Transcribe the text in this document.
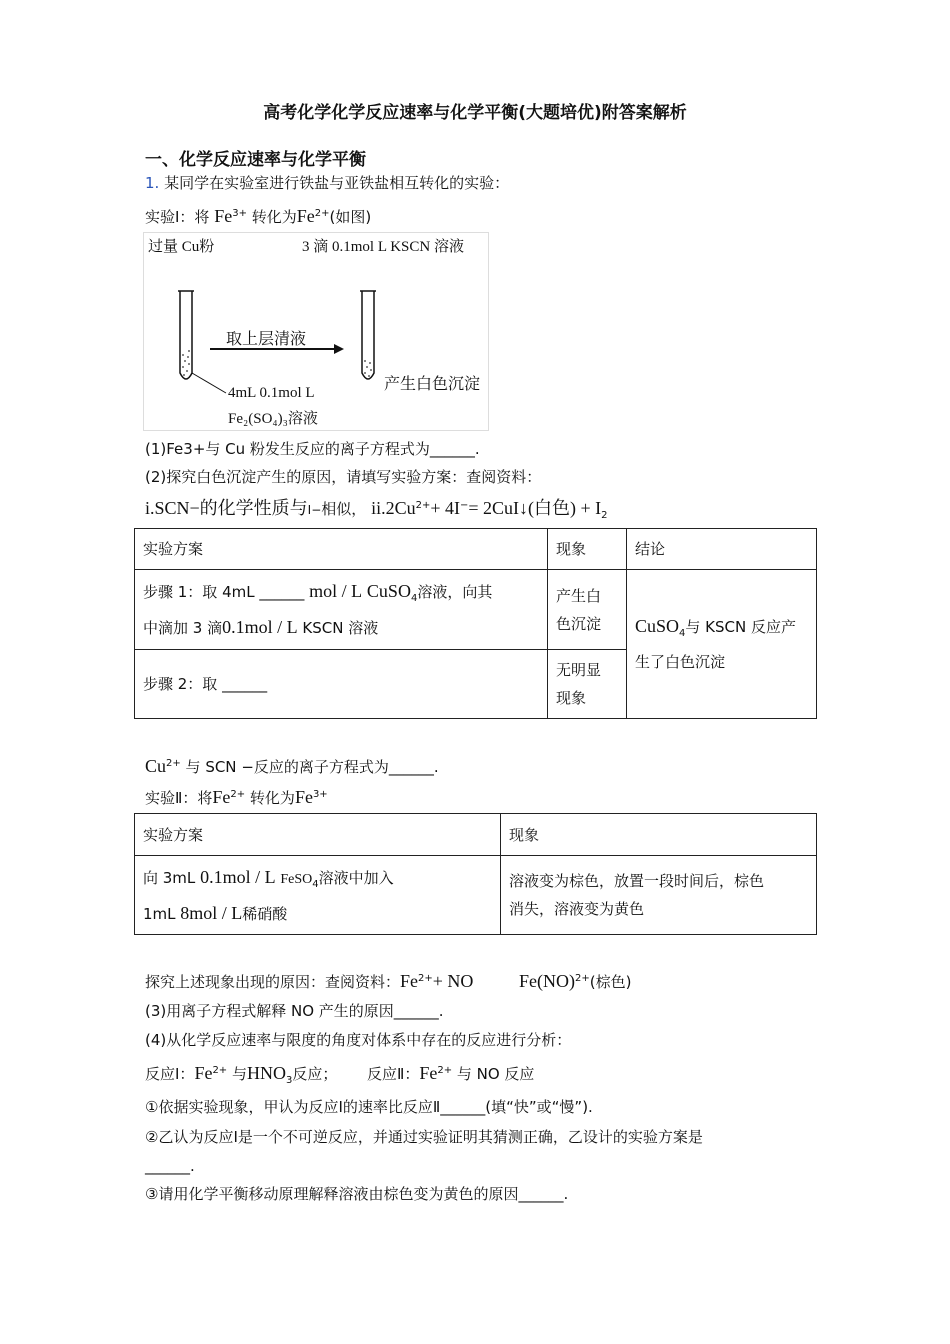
高考化学化学反应速率与化学平衡(大题培优)附答案解析
一、化学反应速率与化学平衡
1. 某同学在实验室进行铁盐与亚铁盐相互转化的实验：
实验Ⅰ：将 $Fe^{3+}$ 转化为$Fe^{2+}$(如图)
过量 Cu粉	3 滴 0.1mol L KSCN 溶液
取上层清液
产生白色沉淀
4mL 0.1mol L
Fe₂(SO₄)₃溶液
(1)Fe3+与 Cu 粉发生反应的离子方程式为______.
(2)探究白色沉淀产生的原因，请填写实验方案：查阅资料：
i.SCN−的化学性质与I−相似， $ii.2Cu^{2+}+ 4I^-=$ 2CuI↓(白色) + $I_2$
实验方案	现象	结论
步骤 1：取 4mL ______ mol / L CuSO$_4$溶液，向其
中滴加 3 滴0.1mol / L KSCN 溶液	产生白
色沉淀	CuSO$_4$与 KSCN 反应产
生了白色沉淀
步骤 2：取 ______	无明显
现象	
$Cu^{2+}$ 与 SCN −反应的离子方程式为______.
实验Ⅱ：将$Fe^{2+}$ 转化为$Fe^{3+}$
实验方案	现象
向 3mL 0.1mol / L FeSO$_4$溶液中加入
1mL 8mol / L稀硝酸	溶液变为棕色，放置一段时间后，棕色
消失，溶液变为黄色
探究上述现象出现的原因：查阅资料：$Fe^{2+}+$ NO	Fe(NO)$^{2+}$(棕色)
(3)用离子方程式解释 NO 产生的原因______.
(4)从化学反应速率与限度的角度对体系中存在的反应进行分析：
反应Ⅰ：$Fe^{2+}$ 与$HNO_3$反应； 反应Ⅱ：$Fe^{2+}$ 与 NO 反应
①依据实验现象，甲认为反应Ⅰ的速率比反应Ⅱ______(填“快”或“慢”).
②乙认为反应Ⅰ是一个不可逆反应，并通过实验证明其猜测正确，乙设计的实验方案是
______.
③请用化学平衡移动原理解释溶液由棕色变为黄色的原因______.
